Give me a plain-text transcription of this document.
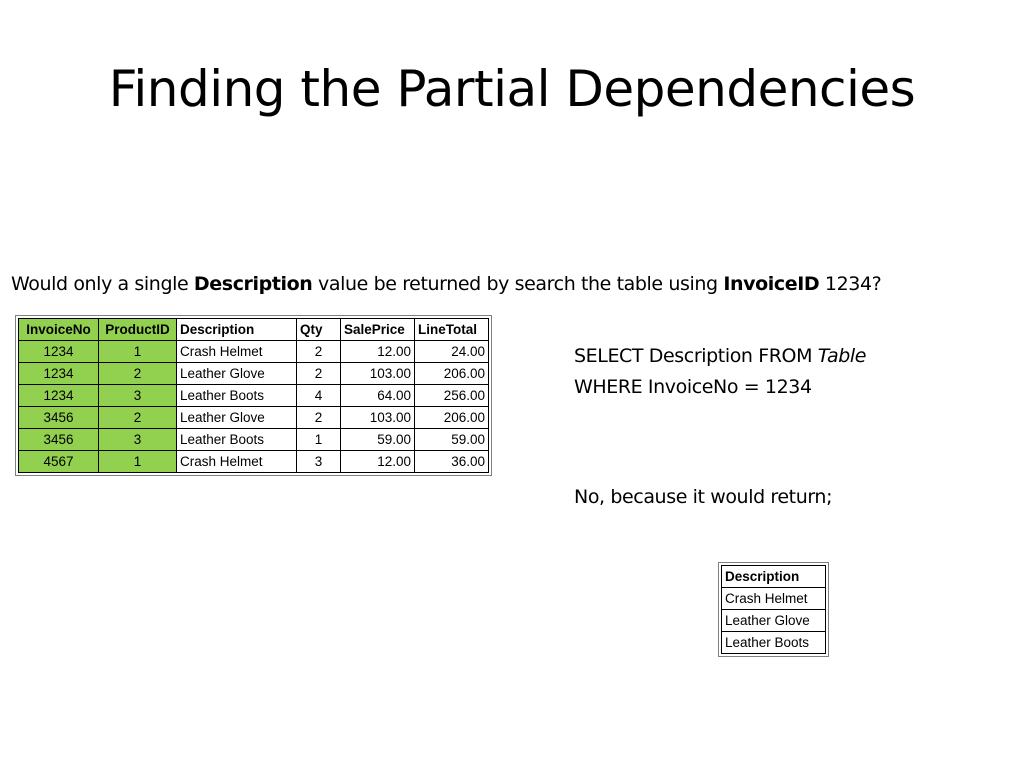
Finding the Partial Dependencies
Would only a single Description value be returned by search the table using InvoiceID 1234?
InvoiceNo	ProductID	Description	Qty	SalePrice	LineTotal
1234	1	Crash Helmet	2	12.00	24.00
1234	2	Leather Glove	2	103.00	206.00
1234	3	Leather Boots	4	64.00	256.00
3456	2	Leather Glove	2	103.00	206.00
3456	3	Leather Boots	1	59.00	59.00
4567	1	Crash Helmet	3	12.00	36.00
SELECT Description FROM Table
WHERE InvoiceNo = 1234
No, because it would return;
Description
Crash Helmet
Leather Glove
Leather Boots
